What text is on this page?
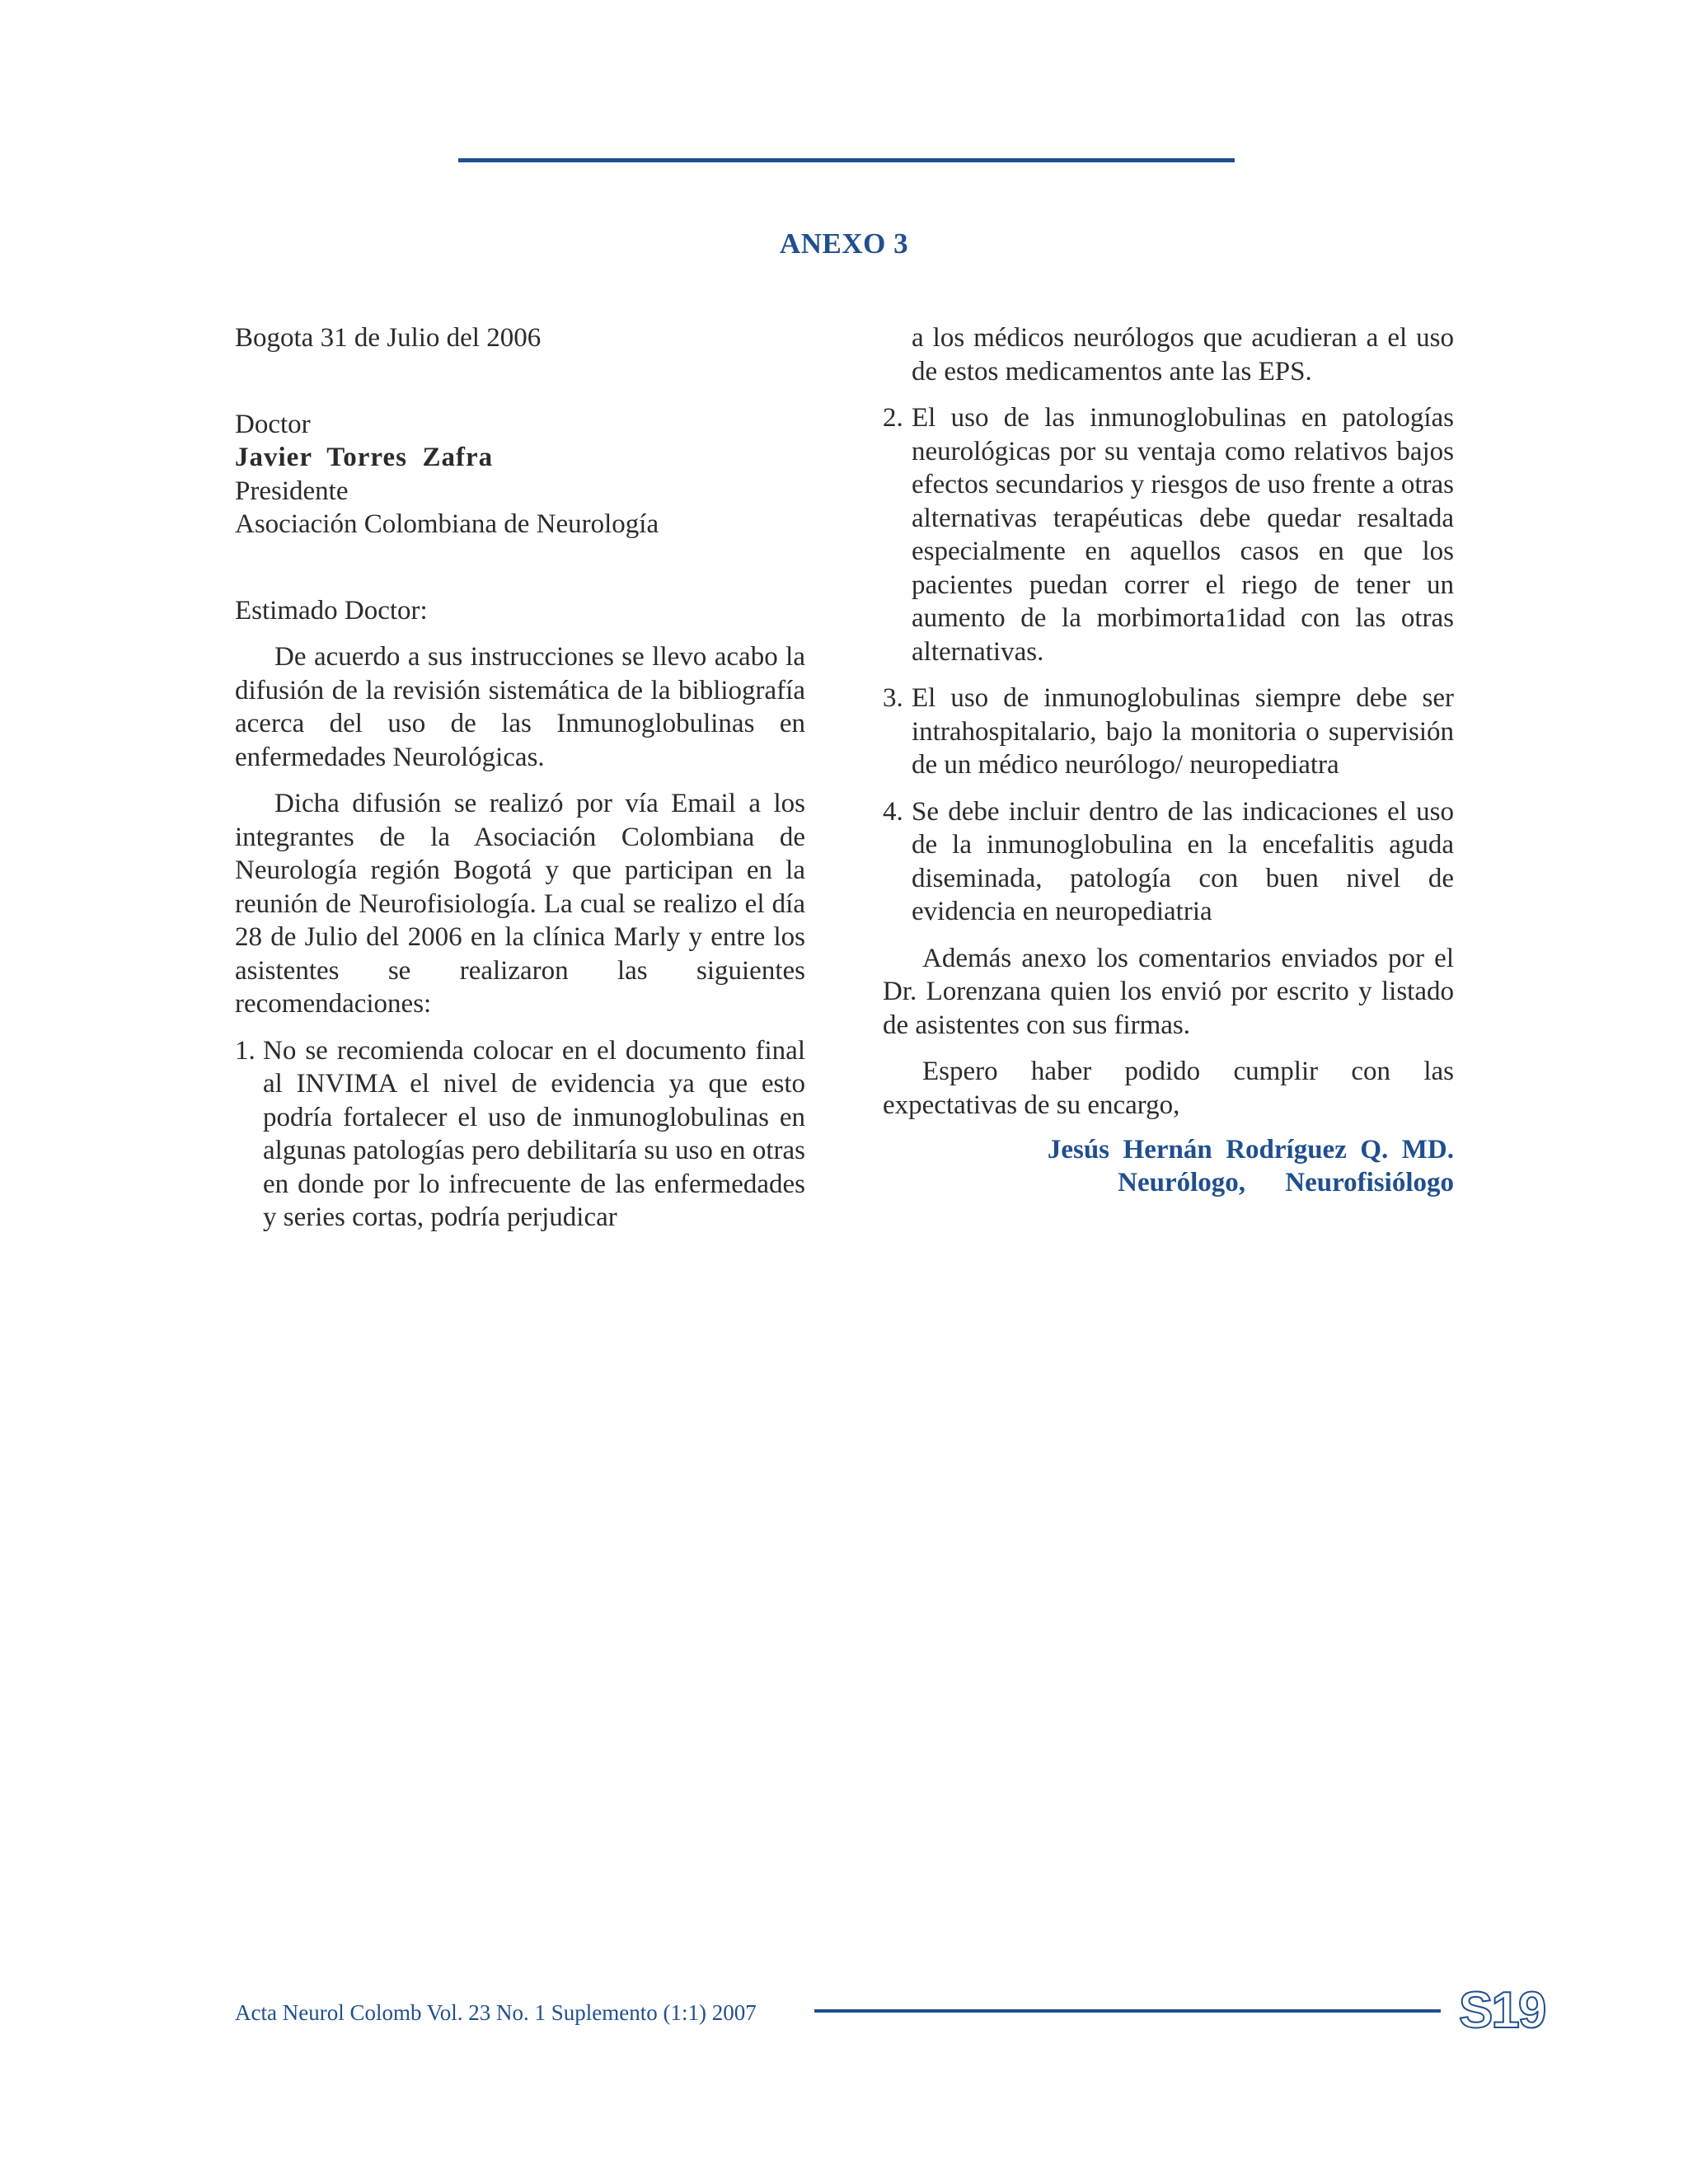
ANEXO 3

Bogota 31 de Julio del 2006

Doctor
Javier  Torres  Zafra
Presidente
Asociación Colombiana de Neurología

Estimado Doctor:

De acuerdo a sus instrucciones se llevo acabo la difusión de la revisión sistemática de la bibliografía acerca del uso de las Inmunoglobulinas en enfermedades Neurológicas.

Dicha difusión se realizó por vía Email a los integrantes de la Asociación Colombiana de Neurología región Bogotá y que participan en la reunión de Neurofisiología. La cual se realizo el día 28 de Julio del 2006 en la clínica Marly y entre los asistentes se realizaron las siguientes recomendaciones:

1. No se recomienda colocar en el documento final al INVIMA el nivel de evidencia ya que esto podría fortalecer el uso de inmunoglobulinas en algunas patologías pero debilitaría su uso en otras en donde por lo infrecuente de las enfermedades y series cortas, podría perjudicar

a los médicos neurólogos que acudieran a el uso de estos medicamentos ante las EPS.

2. El uso de las inmunoglobulinas en patologías neurológicas por su ventaja como relativos bajos efectos secundarios y riesgos de uso frente a otras alternativas terapéuticas debe quedar resaltada especialmente en aquellos casos en que los pacientes puedan correr el riego de tener un aumento de la morbimorta1idad con las otras alternativas.
3. El uso de inmunoglobulinas siempre debe ser intrahospitalario, bajo la monitoria o supervisión de un médico neurólogo/ neuropediatra
4. Se debe incluir dentro de las indicaciones el uso de la inmunoglobulina en la encefalitis aguda diseminada, patología con buen nivel de evidencia en neuropediatria

Además anexo los comentarios enviados por el Dr. Lorenzana quien los envió por escrito y listado de asistentes con sus firmas.

Espero haber podido cumplir con las expectativas de su encargo,

Jesús  Hernán  Rodríguez  Q.  MD.
Neurólogo, Neurofisiólogo
Acta Neurol Colomb Vol. 23 No. 1 Suplemento (1:1) 2007	S19
